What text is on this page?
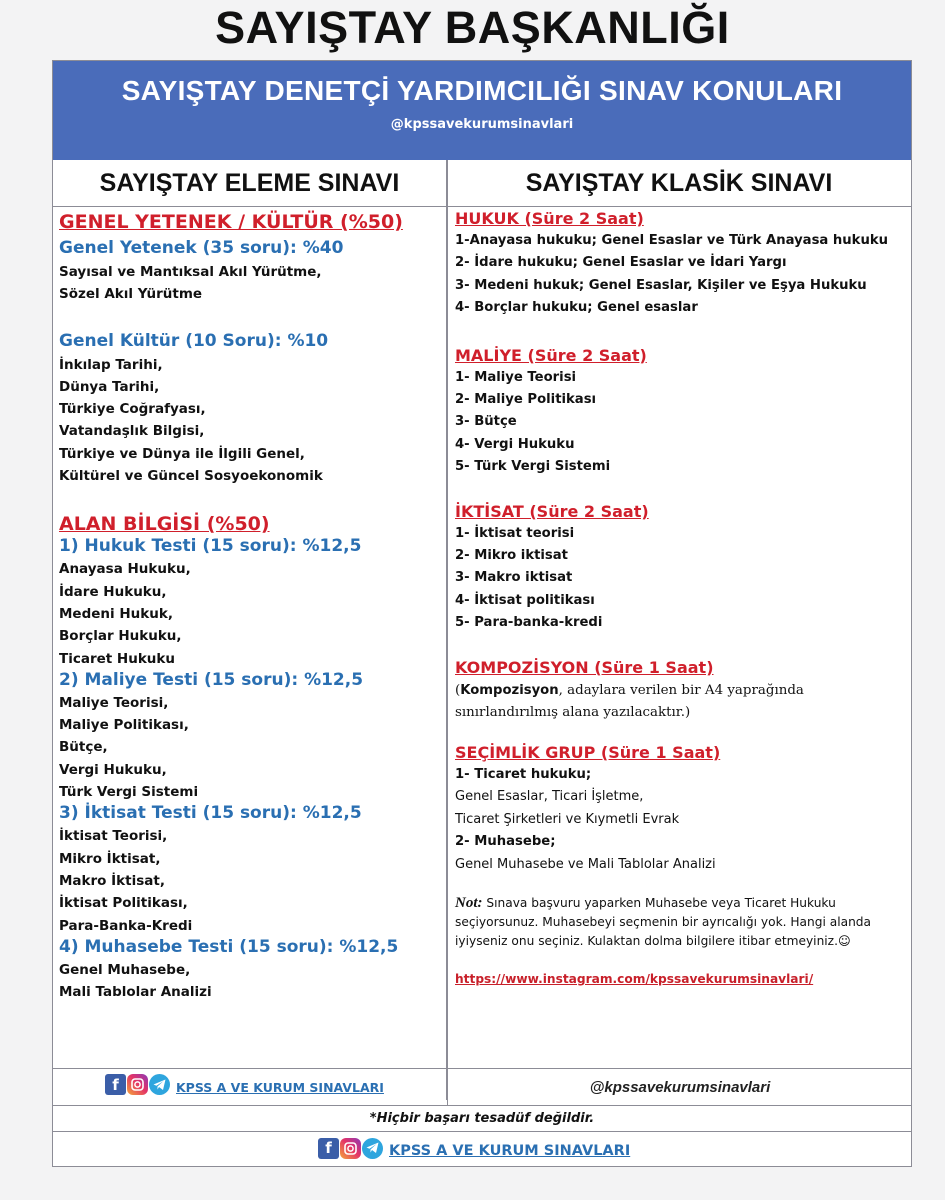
SAYIŞTAY BAŞKANLIĞI
SAYIŞTAY DENETÇİ YARDIMCILIĞI SINAV KONULARI
@kpssavekurumsinavlari
SAYIŞTAY ELEME SINAVI	SAYIŞTAY KLASİK SINAVI
GENEL YETENEK / KÜLTÜR (%50)
Genel Yetenek (35 soru): %40
Sayısal ve Mantıksal Akıl Yürütme,
Sözel Akıl Yürütme
Genel Kültür (10 Soru): %10
İnkılap Tarihi,
Dünya Tarihi,
Türkiye Coğrafyası,
Vatandaşlık Bilgisi,
Türkiye ve Dünya ile İlgili Genel,
Kültürel ve Güncel Sosyoekonomik
ALAN BİLGİSİ (%50)
1) Hukuk Testi (15 soru): %12,5
Anayasa Hukuku,
İdare Hukuku,
Medeni Hukuk,
Borçlar Hukuku,
Ticaret Hukuku
2) Maliye Testi (15 soru): %12,5
Maliye Teorisi,
Maliye Politikası,
Bütçe,
Vergi Hukuku,
Türk Vergi Sistemi
3) İktisat Testi (15 soru): %12,5
İktisat Teorisi,
Mikro İktisat,
Makro İktisat,
İktisat Politikası,
Para-Banka-Kredi
4) Muhasebe Testi (15 soru): %12,5
Genel Muhasebe,
Mali Tablolar Analizi
HUKUK (Süre 2 Saat)
1-Anayasa hukuku; Genel Esaslar ve Türk Anayasa hukuku
2- İdare hukuku; Genel Esaslar ve İdari Yargı
3- Medeni hukuk; Genel Esaslar, Kişiler ve Eşya Hukuku
4- Borçlar hukuku; Genel esaslar
MALİYE (Süre 2 Saat)
1- Maliye Teorisi
2- Maliye Politikası
3- Bütçe
4- Vergi Hukuku
5- Türk Vergi Sistemi
İKTİSAT (Süre 2 Saat)
1- İktisat teorisi
2- Mikro iktisat
3- Makro iktisat
4- İktisat politikası
5- Para-banka-kredi
KOMPOZİSYON (Süre 1 Saat)
(Kompozisyon, adaylara verilen bir A4 yaprağında
sınırlandırılmış alana yazılacaktır.)
SEÇİMLİK GRUP (Süre 1 Saat)
1- Ticaret hukuku;
Genel Esaslar, Ticari İşletme,
Ticaret Şirketleri ve Kıymetli Evrak
2- Muhasebe;
Genel Muhasebe ve Mali Tablolar Analizi
Not: Sınava başvuru yaparken Muhasebe veya Ticaret Hukuku
seçiyorsunuz. Muhasebeyi seçmenin bir ayrıcalığı yok. Hangi alanda
iyiyseniz onu seçiniz. Kulaktan dolma bilgilere itibar etmeyiniz.☺
https://www.instagram.com/kpssavekurumsinavlari/
f	KPSS A VE KURUM SINAVLARI	@kpssavekurumsinavlari
*Hiçbir başarı tesadüf değildir.
f	KPSS A VE KURUM SINAVLARI
